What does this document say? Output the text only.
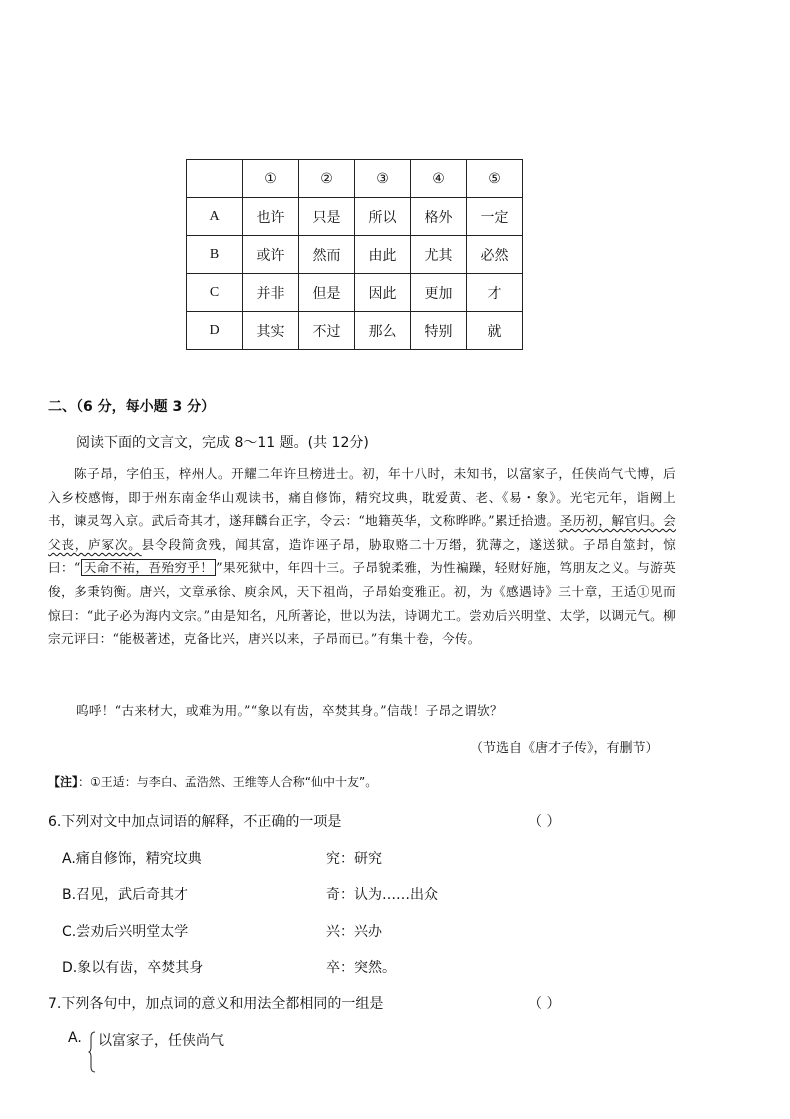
	①	②	③	④	⑤
A	也许	只是	所以	格外	一定
B	或许	然而	由此	尤其	必然
C	并非	但是	因此	更加	才
D	其实	不过	那么	特别	就
二、（6 分，每小题 3 分）
阅读下面的文言文，完成 8～11 题。(共 12分)
陈子昂，字伯玉，梓州人。开耀二年许旦榜进士。初，年十八时，未知书，以富家子，任侠尚气弋博，后入乡校感悔，即于州东南金华山观读书，痛自修饰，精究坟典，耽爱黄、老、《易・象》。光宅元年，诣阙上书，谏灵驾入京。武后奇其才，遂拜麟台正字，令云：“地籍英华，文称晔晔。”累迁拾遗。圣历初，解官归。会父丧，庐冢次。县令段简贪残，闻其富，造诈诬子昂，胁取赂二十万缗，犹薄之，遂送狱。子昂自筮封，惊曰：“ 天命不祐，吾殆穷乎！ ”果死狱中，年四十三。子昂貌柔雅，为性褊躁，轻财好施，笃朋友之义。与游英俊，多秉钧衡。唐兴，文章承徐、庾余风，天下祖尚，子昂始变雅正。初，为《感遇诗》三十章，王适①见而惊曰：“此子必为海内文宗。”由是知名，凡所著论，世以为法，诗调尤工。尝劝后兴明堂、太学，以调元气。柳宗元评曰：“能极著述，克备比兴，唐兴以来，子昂而已。”有集十卷，今传。
呜呼！“古来材大，或难为用。”“象以有齿，卒焚其身。”信哉！子昂之谓欤？
（节选自《唐才子传》，有删节）
【注】：①王适：与李白、孟浩然、王维等人合称“仙中十友”。
6.下列对文中加点词语的解释，不正确的一项是	（ ）
A.痛自修饰，精究坟典	究：研究
B.召见，武后奇其才	奇：认为……出众
C.尝劝后兴明堂太学	兴：兴办
D.象以有齿，卒焚其身	卒：突然。
7.下列各句中，加点词的意义和用法全都相同的一组是	（ ）
A. 以富家子，任侠尚气
